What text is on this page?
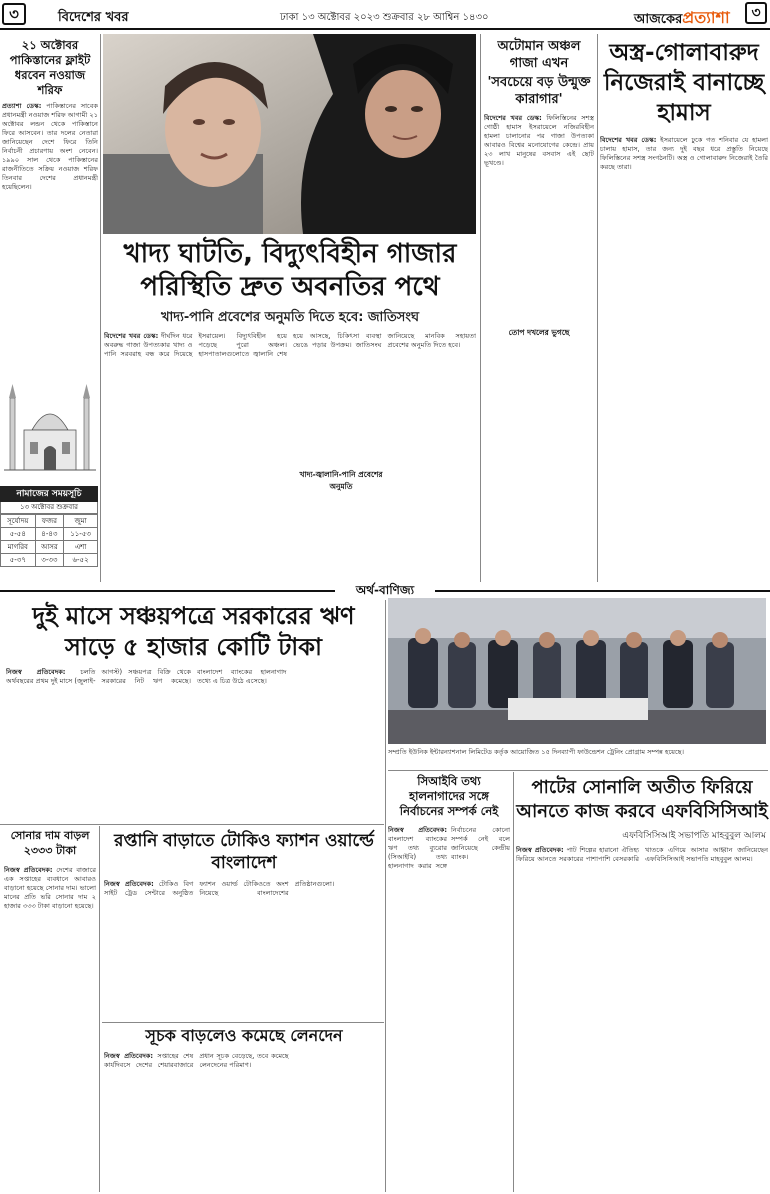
৩	বিদেশের খবর	ঢাকা ১৩ অক্টোবর ২০২৩ শুক্রবার ২৮ আশ্বিন ১৪৩০	আজকেরপ্রত্যাশা	৩
২১ অক্টোবর পাকিস্তানের ফ্লাইট ধরবেন নওয়াজ শরিফ
প্রত্যাশা ডেস্ক: পাকিস্তানের সাবেক প্রধানমন্ত্রী নওয়াজ শরিফ আগামী ২১ অক্টোবর লন্ডন থেকে পাকিস্তানে ফিরে আসবেন। তার দলের নেতারা জানিয়েছেন দেশে ফিরে তিনি নির্বাচনী প্রচারণায় অংশ নেবেন। ১৯৯০ সাল থেকে পাকিস্তানের রাজনীতিতে সক্রিয় নওয়াজ শরিফ তিনবার দেশের প্রধানমন্ত্রী হয়েছিলেন।
নামাজের সময়সূচি
১৩ অক্টোবর শুক্রবার
সূর্যোদয়	ফজর	জুমা
৫-৫৪	৪-৪৩	১১-৫৩
মাগরিব	আসর	এশা
৫-৩৭	৩-৩৩	৬-৫২
খাদ্য ঘাটতি, বিদ্যুৎবিহীন গাজার পরিস্থিতি দ্রুত অবনতির পথে
খাদ্য-পানি প্রবেশের অনুমতি দিতে হবে: জাতিসংঘ
বিদেশের খবর ডেস্ক: দীর্ঘদিন ধরে অবরুদ্ধ গাজা উপত্যকার খাদ্য ও পানি সরবরাহ বন্ধ করে দিয়েছে ইসরায়েল। বিদ্যুৎবিহীন হয়ে পড়েছে পুরো অঞ্চল। হাসপাতালগুলোতে জ্বালানি শেষ হয়ে আসছে, চিকিৎসা ব্যবস্থা ভেঙে পড়ার উপক্রম। জাতিসংঘ জানিয়েছে মানবিক সহায়তা প্রবেশের অনুমতি দিতে হবে।
খাদ্য-জ্বালানি-পানি প্রবেশের অনুমতি
অটোমান অঞ্চল গাজা এখন
'সবচেয়ে বড় উন্মুক্ত কারাগার'
বিদেশের খবর ডেস্ক: ফিলিস্তিনের সশস্ত্র গোষ্ঠী হামাস ইসরায়েলে নজিরবিহীন হামলা চালানোর পর গাজা উপত্যকা আবারও বিশ্বের মনোযোগের কেন্দ্রে। প্রায় ২৩ লাখ মানুষের বসবাস এই ছোট ভূখণ্ডে।
তোপ দখলের ভুগছে
অস্ত্র-গোলাবারুদ নিজেরাই বানাচ্ছে হামাস
বিদেশের খবর ডেস্ক: ইসরায়েলে ঢুকে গত শনিবার যে হামলা চালায় হামাস, তার জন্য দুই বছর ধরে প্রস্তুতি নিয়েছে ফিলিস্তিনের সশস্ত্র সংগঠনটি। অস্ত্র ও গোলাবারুদ নিজেরাই তৈরি করছে তারা।
অর্থ-বাণিজ্য
দুই মাসে সঞ্চয়পত্রে সরকারের ঋণ সাড়ে ৫ হাজার কোটি টাকা
নিজস্ব প্রতিবেদক: চলতি অর্থবছরের প্রথম দুই মাসে (জুলাই-আগস্ট) সঞ্চয়পত্র বিক্রি থেকে সরকারের নিট ঋণ কমেছে। বাংলাদেশ ব্যাংকের হালনাগাদ তথ্যে এ চিত্র উঠে এসেছে।
সম্প্রতি ইউনিক ইন্টারন্যাশনাল লিমিটেড কর্তৃক আয়োজিত ১৫ দিনব্যাপী ফাউন্ডেশন ট্রেনিং প্রোগ্রাম সম্পন্ন হয়েছে।
সিআইবি তথ্য হালনাগাদের সঙ্গে নির্বাচনের সম্পর্ক নেই
নিজস্ব প্রতিবেদক: বাংলাদেশ ব্যাংকের ঋণ তথ্য ব্যুরোর (সিআইবি) তথ্য হালনাগাদ করার সঙ্গে নির্বাচনের কোনো সম্পর্ক নেই বলে জানিয়েছে কেন্দ্রীয় ব্যাংক।
পাটের সোনালি অতীত ফিরিয়ে আনতে কাজ করবে এফবিসিসিআই
এফবিসিসিআই সভাপতি মাহবুবুল আলম
নিজস্ব প্রতিবেদক: পাট শিল্পের হারানো ঐতিহ্য ফিরিয়ে আনতে সরকারের পাশাপাশি বেসরকারি খাতকে এগিয়ে আসার আহ্বান জানিয়েছেন এফবিসিসিআই সভাপতি মাহবুবুল আলম।
সোনার দাম বাড়ল ২৩৩৩ টাকা
নিজস্ব প্রতিবেদক: দেশের বাজারে এক সপ্তাহের ব্যবধানে আবারও বাড়ানো হয়েছে সোনার দাম। ভালো মানের প্রতি ভরি সোনার দাম ২ হাজার ৩৩৩ টাকা বাড়ানো হয়েছে।
রপ্তানি বাড়াতে টোকিও ফ্যাশন ওয়ার্ল্ডে বাংলাদেশ
নিজস্ব প্রতিবেদক: টোকিও বিগ সাইট ট্রেড সেন্টারে অনুষ্ঠিত ফ্যাশন ওয়ার্ল্ড টোকিওতে অংশ নিয়েছে বাংলাদেশের প্রতিষ্ঠানগুলো।
সূচক বাড়লেও কমেছে লেনদেন
নিজস্ব প্রতিবেদক: সপ্তাহের শেষ কার্যদিবসে দেশের শেয়ারবাজারে প্রধান সূচক বেড়েছে, তবে কমেছে লেনদেনের পরিমাণ।
